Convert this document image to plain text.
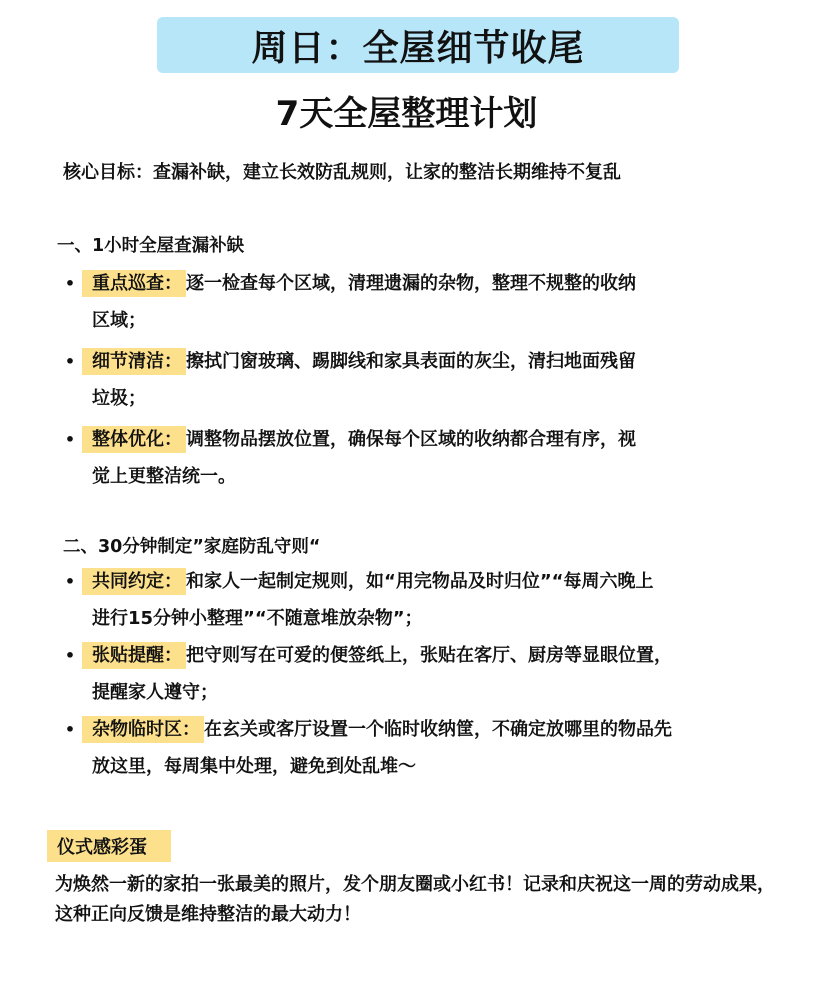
周日：全屋细节收尾
7天全屋整理计划
核心目标：查漏补缺，建立长效防乱规则，让家的整洁长期维持不复乱
一、1小时全屋查漏补缺
• 重点巡查： 逐一检查每个区域，清理遗漏的杂物，整理不规整的收纳
区域；
• 细节清洁： 擦拭门窗玻璃、踢脚线和家具表面的灰尘，清扫地面残留
垃圾；
• 整体优化： 调整物品摆放位置，确保每个区域的收纳都合理有序，视
觉上更整洁统一。
二、30分钟制定”家庭防乱守则“
• 共同约定： 和家人一起制定规则，如“用完物品及时归位”“每周六晚上
进行15分钟小整理”“不随意堆放杂物”；
• 张贴提醒： 把守则写在可爱的便签纸上，张贴在客厅、厨房等显眼位置，
提醒家人遵守；
• 杂物临时区： 在玄关或客厅设置一个临时收纳筐，不确定放哪里的物品先
放这里，每周集中处理，避免到处乱堆～
仪式感彩蛋
为焕然一新的家拍一张最美的照片，发个朋友圈或小红书！记录和庆祝这一周的劳动成果，这种正向反馈是维持整洁的最大动力！
